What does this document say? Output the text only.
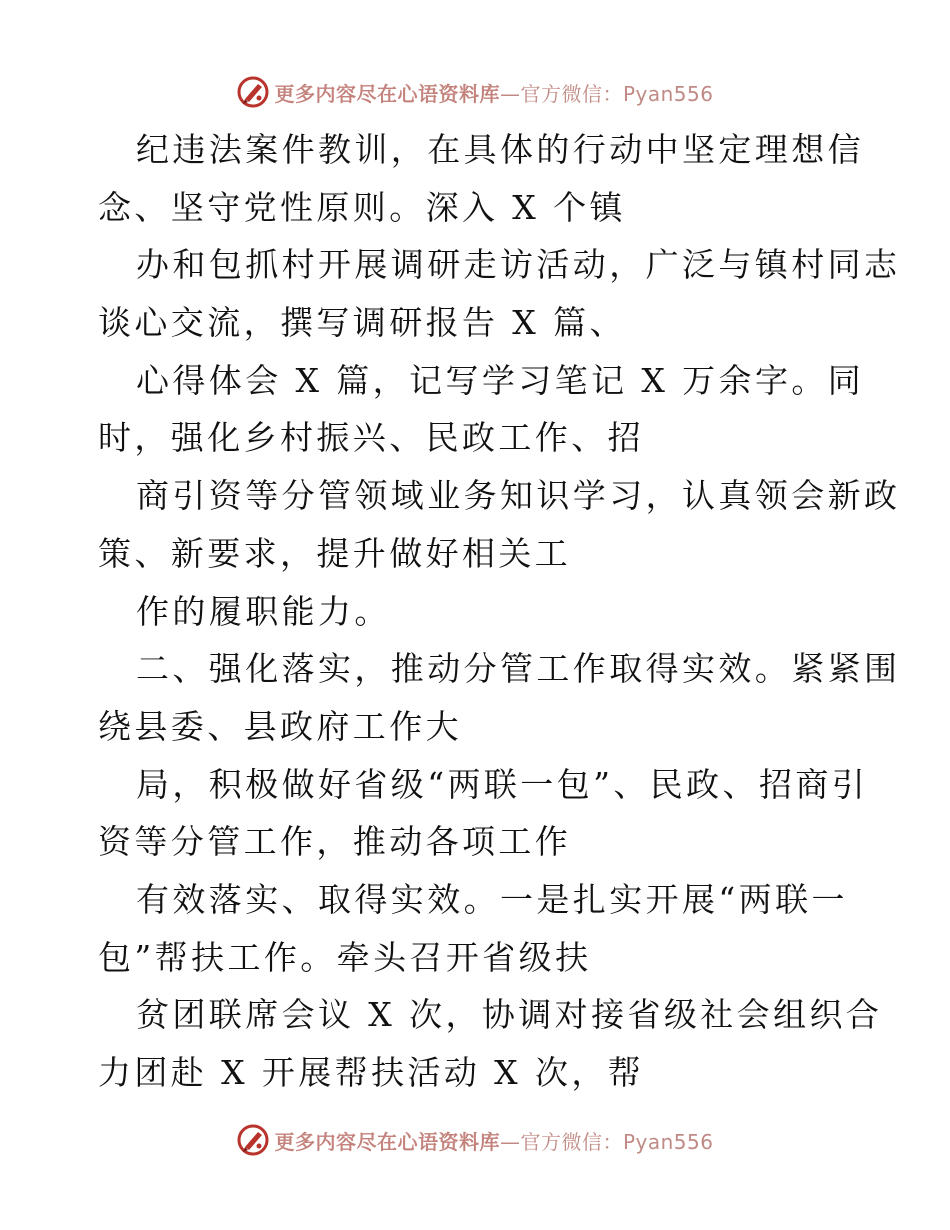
更多内容尽在心语资料库—官方微信：Pyan556
纪违法案件教训，在具体的行动中坚定理想信
念、坚守党性原则。深入 X 个镇
办和包抓村开展调研走访活动，广泛与镇村同志
谈心交流，撰写调研报告 X 篇、
心得体会 X 篇，记写学习笔记 X 万余字。同
时，强化乡村振兴、民政工作、招
商引资等分管领域业务知识学习，认真领会新政
策、新要求，提升做好相关工
作的履职能力。
二、强化落实，推动分管工作取得实效。紧紧围
绕县委、县政府工作大
局，积极做好省级“两联一包”、民政、招商引
资等分管工作，推动各项工作
有效落实、取得实效。一是扎实开展“两联一
包”帮扶工作。牵头召开省级扶
贫团联席会议 X 次，协调对接省级社会组织合
力团赴 X 开展帮扶活动 X 次，帮
更多内容尽在心语资料库—官方微信：Pyan556
